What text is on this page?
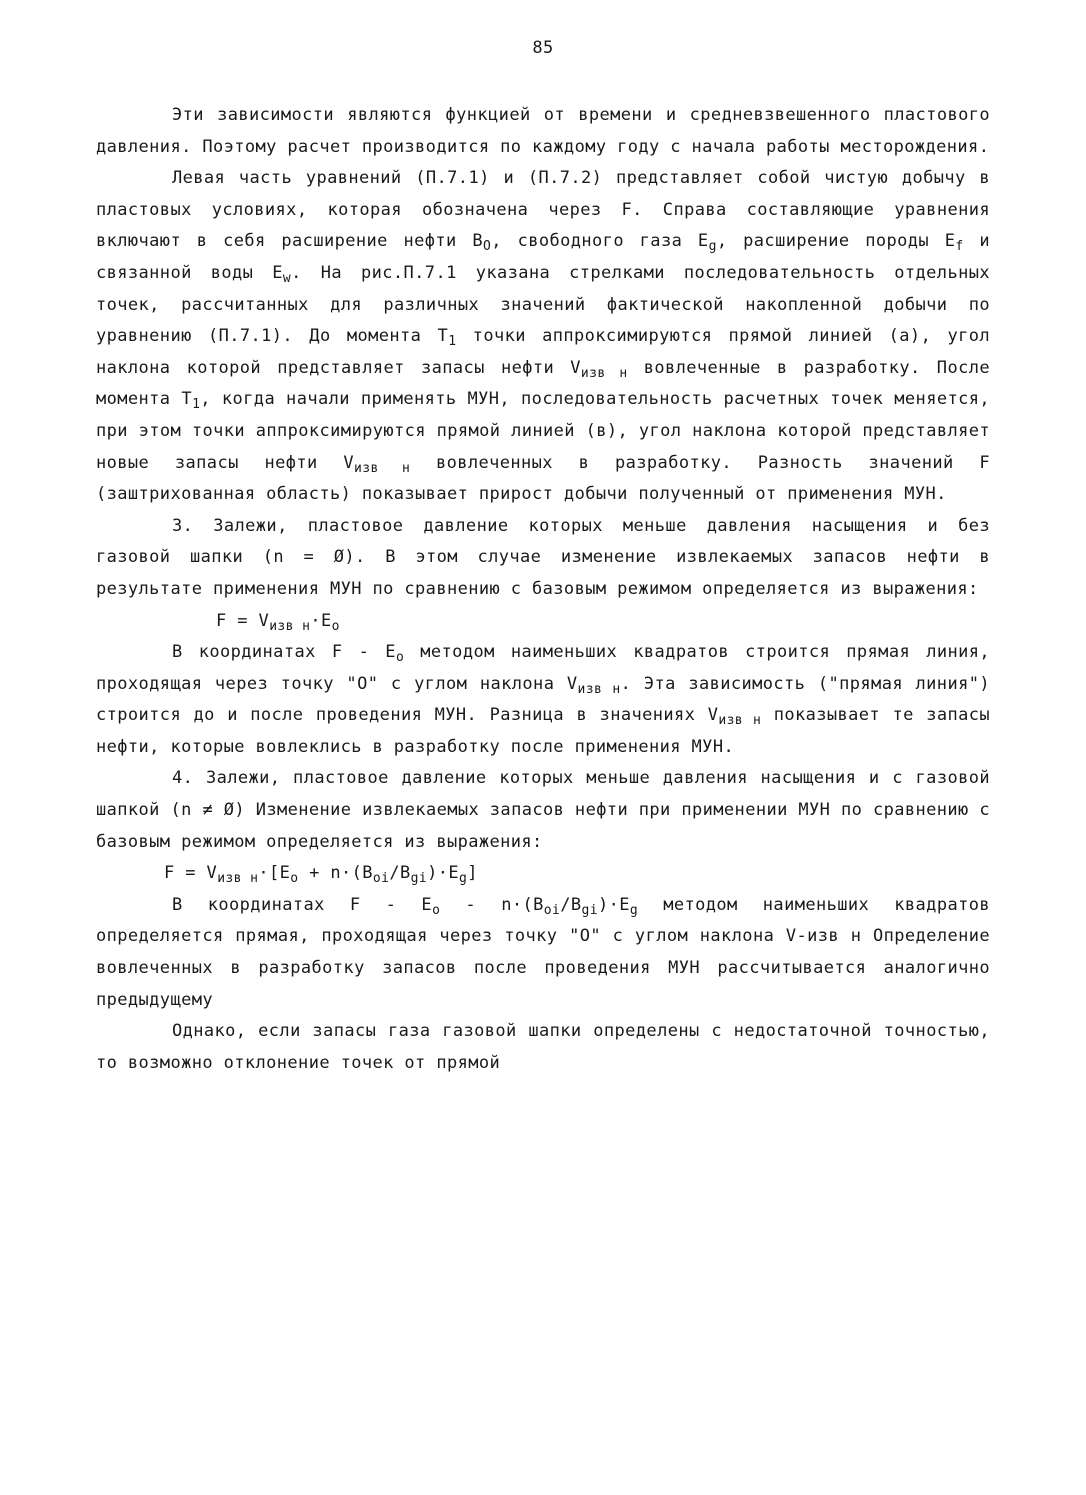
85

Эти зависимости являются функцией от времени и средневзвешенного пластового давления. Поэтому расчет производится по каждому году с начала работы месторождения.

Левая часть уравнений (П.7.1) и (П.7.2) представляет собой чистую добычу в пластовых условиях, которая обозначена через F. Справа составляющие уравнения включают в себя расширение нефти $B_O$, свободного газа $E_g$, расширение породы $E_f$ и связанной воды $E_w$. На рис.П.7.1 указана стрелками последовательность отдельных точек, рассчитанных для различных значений фактической накопленной добычи по уравнению (П.7.1). До момента $T_1$ точки аппроксимируются прямой линией (а), угол наклона которой представляет запасы нефти $V_{изв н}$ вовлеченные в разработку. После момента $T_1$, когда начали применять МУН, последовательность расчетных точек меняется, при этом точки аппроксимируются прямой линией (в), угол наклона которой представляет новые запасы нефти $V_{изв н}$ вовлеченных в разработку. Разность значений F (заштрихованная область) показывает прирост добычи полученный от применения МУН.

3. Залежи, пластовое давление которых меньше давления насыщения и без газовой шапки (n = Ø). В этом случае изменение извлекаемых запасов нефти в результате применения МУН по сравнению с базовым режимом определяется из выражения:

$F = V_{изв н}\cdot E_o$

В координатах F - $E_o$ методом наименьших квадратов строится прямая линия, проходящая через точку "O" с углом наклона $V_{изв н}$. Эта зависимость ("прямая линия") строится до и после проведения МУН. Разница в значениях $V_{изв н}$ показывает те запасы нефти, которые вовлеклись в разработку после применения МУН.

4. Залежи, пластовое давление которых меньше давления насыщения и с газовой шапкой (n ≠ Ø) Изменение извлекаемых запасов нефти при применении МУН по сравнению с базовым режимом определяется из выражения:

$F = V_{изв н}\cdot[E_o + n\cdot(B_{oi}/B_{gi})\cdot E_g]$

В координатах $F - E_o - n\cdot(B_{oi}/B_{gi})\cdot E_g$ методом наименьших квадратов определяется прямая, проходящая через точку "O" с углом наклона V-изв н Определение вовлеченных в разработку запасов после проведения МУН рассчитывается аналогично предыдущему

Однако, если запасы газа газовой шапки определены с недостаточной точностью, то возможно отклонение точек от прямой
